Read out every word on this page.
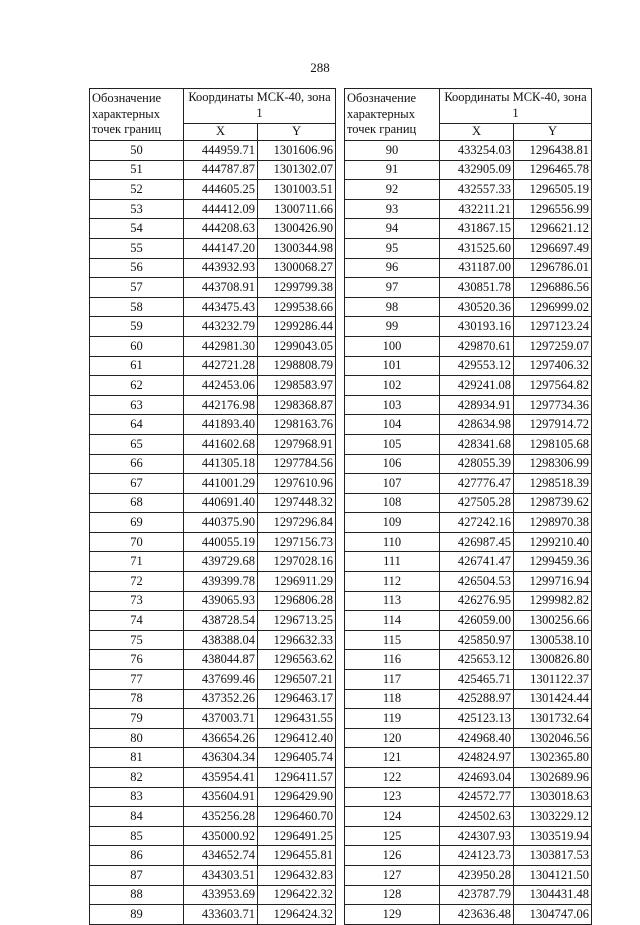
288
Обозначение характерных точек границ	Координаты МСК-40, зона 1	
	X	Y
50	444959.71	1301606.96
51	444787.87	1301302.07
52	444605.25	1301003.51
53	444412.09	1300711.66
54	444208.63	1300426.90
55	444147.20	1300344.98
56	443932.93	1300068.27
57	443708.91	1299799.38
58	443475.43	1299538.66
59	443232.79	1299286.44
60	442981.30	1299043.05
61	442721.28	1298808.79
62	442453.06	1298583.97
63	442176.98	1298368.87
64	441893.40	1298163.76
65	441602.68	1297968.91
66	441305.18	1297784.56
67	441001.29	1297610.96
68	440691.40	1297448.32
69	440375.90	1297296.84
70	440055.19	1297156.73
71	439729.68	1297028.16
72	439399.78	1296911.29
73	439065.93	1296806.28
74	438728.54	1296713.25
75	438388.04	1296632.33
76	438044.87	1296563.62
77	437699.46	1296507.21
78	437352.26	1296463.17
79	437003.71	1296431.55
80	436654.26	1296412.40
81	436304.34	1296405.74
82	435954.41	1296411.57
83	435604.91	1296429.90
84	435256.28	1296460.70
85	435000.92	1296491.25
86	434652.74	1296455.81
87	434303.51	1296432.83
88	433953.69	1296422.32
89	433603.71	1296424.32
Обозначение характерных точек границ	Координаты МСК-40, зона 1	
	X	Y
90	433254.03	1296438.81
91	432905.09	1296465.78
92	432557.33	1296505.19
93	432211.21	1296556.99
94	431867.15	1296621.12
95	431525.60	1296697.49
96	431187.00	1296786.01
97	430851.78	1296886.56
98	430520.36	1296999.02
99	430193.16	1297123.24
100	429870.61	1297259.07
101	429553.12	1297406.32
102	429241.08	1297564.82
103	428934.91	1297734.36
104	428634.98	1297914.72
105	428341.68	1298105.68
106	428055.39	1298306.99
107	427776.47	1298518.39
108	427505.28	1298739.62
109	427242.16	1298970.38
110	426987.45	1299210.40
111	426741.47	1299459.36
112	426504.53	1299716.94
113	426276.95	1299982.82
114	426059.00	1300256.66
115	425850.97	1300538.10
116	425653.12	1300826.80
117	425465.71	1301122.37
118	425288.97	1301424.44
119	425123.13	1301732.64
120	424968.40	1302046.56
121	424824.97	1302365.80
122	424693.04	1302689.96
123	424572.77	1303018.63
124	424502.63	1303229.12
125	424307.93	1303519.94
126	424123.73	1303817.53
127	423950.28	1304121.50
128	423787.79	1304431.48
129	423636.48	1304747.06
